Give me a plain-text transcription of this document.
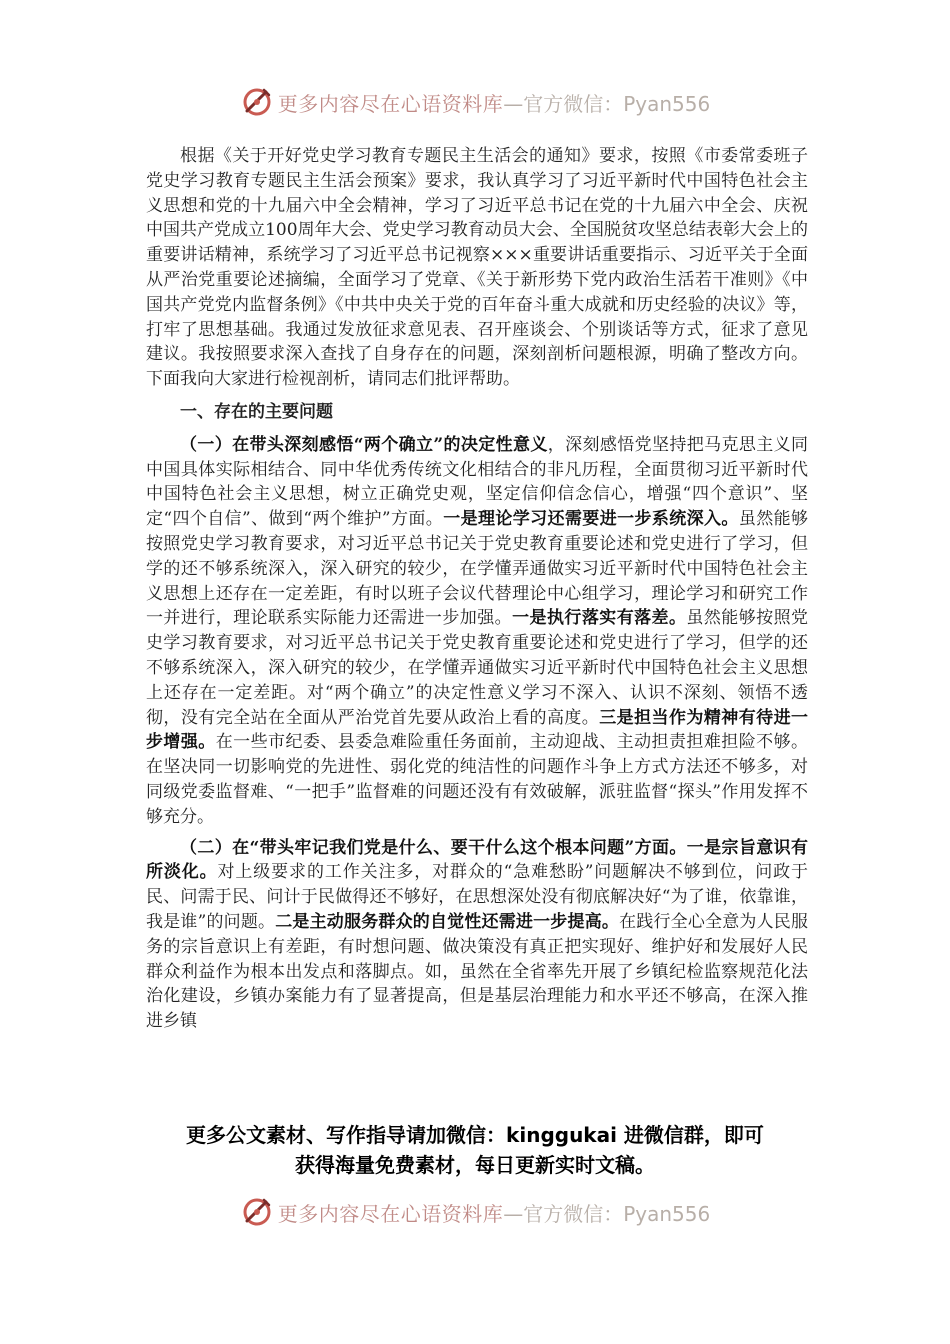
更多内容尽在心语资料库 —官方微信：Pyan556

根据《关于开好党史学习教育专题民主生活会的通知》要求，按照《市委常委班子党史学习教育专题民主生活会预案》要求，我认真学习了习近平新时代中国特色社会主义思想和党的十九届六中全会精神，学习了习近平总书记在党的十九届六中全会、庆祝中国共产党成立100周年大会、党史学习教育动员大会、全国脱贫攻坚总结表彰大会上的重要讲话精神，系统学习了习近平总书记视察×××重要讲话重要指示、习近平关于全面从严治党重要论述摘编，全面学习了党章、《关于新形势下党内政治生活若干准则》《中国共产党党内监督条例》《中共中央关于党的百年奋斗重大成就和历史经验的决议》等，打牢了思想基础。我通过发放征求意见表、召开座谈会、个别谈话等方式，征求了意见建议。我按照要求深入查找了自身存在的问题，深刻剖析问题根源，明确了整改方向。下面我向大家进行检视剖析，请同志们批评帮助。

一、存在的主要问题

（一）在带头深刻感悟“两个确立”的决定性意义，深刻感悟党坚持把马克思主义同中国具体实际相结合、同中华优秀传统文化相结合的非凡历程，全面贯彻习近平新时代中国特色社会主义思想，树立正确党史观，坚定信仰信念信心，增强“四个意识”、坚定“四个自信”、做到“两个维护”方面。一是理论学习还需要进一步系统深入。虽然能够按照党史学习教育要求，对习近平总书记关于党史教育重要论述和党史进行了学习，但学的还不够系统深入，深入研究的较少，在学懂弄通做实习近平新时代中国特色社会主义思想上还存在一定差距，有时以班子会议代替理论中心组学习，理论学习和研究工作一并进行，理论联系实际能力还需进一步加强。一是执行落实有落差。虽然能够按照党史学习教育要求，对习近平总书记关于党史教育重要论述和党史进行了学习，但学的还不够系统深入，深入研究的较少，在学懂弄通做实习近平新时代中国特色社会主义思想上还存在一定差距。对“两个确立”的决定性意义学习不深入、认识不深刻、领悟不透彻，没有完全站在全面从严治党首先要从政治上看的高度。三是担当作为精神有待进一步增强。在一些市纪委、县委急难险重任务面前，主动迎战、主动担责担难担险不够。在坚决同一切影响党的先进性、弱化党的纯洁性的问题作斗争上方式方法还不够多，对同级党委监督难、“一把手”监督难的问题还没有有效破解，派驻监督“探头”作用发挥不够充分。

（二）在“带头牢记我们党是什么、要干什么这个根本问题”方面。一是宗旨意识有所淡化。对上级要求的工作关注多，对群众的“急难愁盼”问题解决不够到位，问政于民、问需于民、问计于民做得还不够好，在思想深处没有彻底解决好“为了谁，依靠谁，我是谁”的问题。二是主动服务群众的自觉性还需进一步提高。在践行全心全意为人民服务的宗旨意识上有差距，有时想问题、做决策没有真正把实现好、维护好和发展好人民群众利益作为根本出发点和落脚点。如，虽然在全省率先开展了乡镇纪检监察规范化法治化建设，乡镇办案能力有了显著提高，但是基层治理能力和水平还不够高，在深入推进乡镇

更多公文素材、写作指导请加微信：kinggukai 进微信群，即可
获得海量免费素材，每日更新实时文稿。
更多内容尽在心语资料库 —官方微信：Pyan556
